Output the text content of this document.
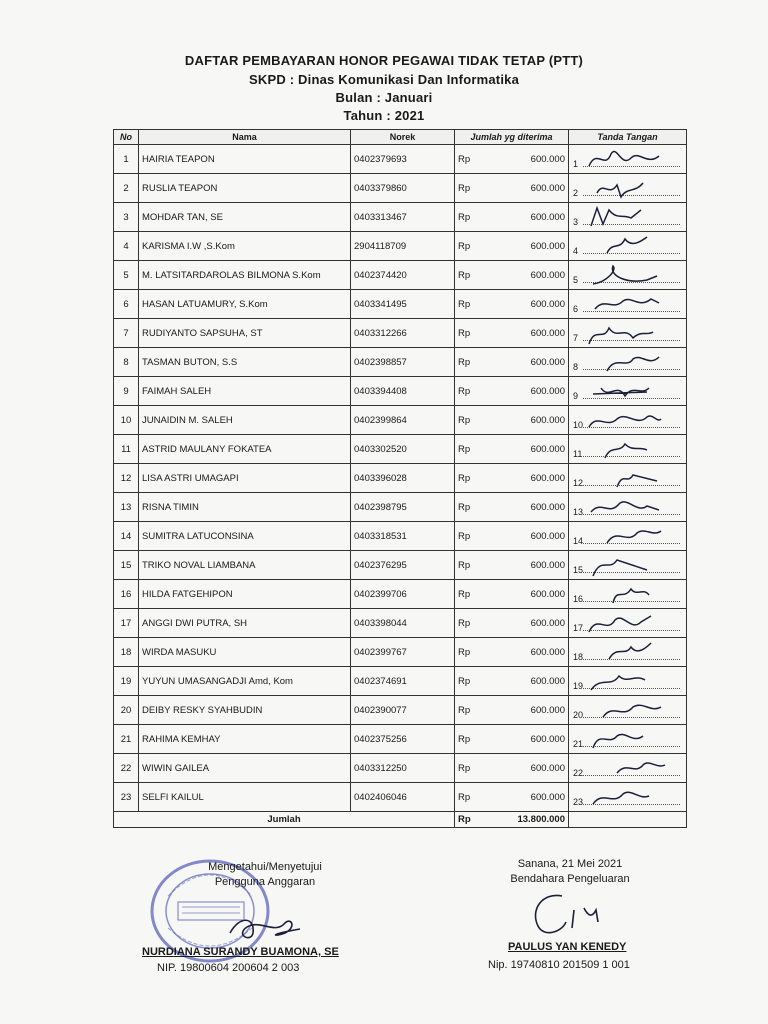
DAFTAR PEMBAYARAN HONOR PEGAWAI TIDAK TETAP (PTT)
SKPD : Dinas Komunikasi Dan Informatika
Bulan : Januari
Tahun : 2021
No	Nama	Norek	Jumlah yg diterima		Tanda Tangan
1	HAIRIA TEAPON	0402379693	Rp	600.000	1

2	RUSLIA TEAPON	0403379860	Rp	600.000	2

3	MOHDAR TAN, SE	0403313467	Rp	600.000	3

4	KARISMA I.W ,S.Kom	2904118709	Rp	600.000	4

5	M. LATSITARDAROLAS BILMONA S.Kom	0402374420	Rp	600.000	5

6	HASAN LATUAMURY, S.Kom	0403341495	Rp	600.000	6

7	RUDIYANTO SAPSUHA, ST	0403312266	Rp	600.000	7

8	TASMAN BUTON, S.S	0402398857	Rp	600.000	8

9	FAIMAH SALEH	0403394408	Rp	600.000	9

10	JUNAIDIN M. SALEH	0402399864	Rp	600.000	10

11	ASTRID MAULANY FOKATEA	0403302520	Rp	600.000	11

12	LISA ASTRI UMAGAPI	0403396028	Rp	600.000	12

13	RISNA TIMIN	0402398795	Rp	600.000	13

14	SUMITRA LATUCONSINA	0403318531	Rp	600.000	14

15	TRIKO NOVAL LIAMBANA	0402376295	Rp	600.000	15

16	HILDA FATGEHIPON	0402399706	Rp	600.000	16

17	ANGGI DWI PUTRA, SH	0403398044	Rp	600.000	17

18	WIRDA MASUKU	0402399767	Rp	600.000	18

19	YUYUN UMASANGADJI Amd, Kom	0402374691	Rp	600.000	19

20	DEIBY RESKY SYAHBUDIN	0402390077	Rp	600.000	20

21	RAHIMA KEMHAY	0402375256	Rp	600.000	21

22	WIWIN GAILEA	0403312250	Rp	600.000	22

23	SELFI KAILUL	0402406046	Rp	600.000	23

Jumlah			Rp	13.800.000	
Mengetahui/Menyetujui
Pengguna Anggaran
NURDIANA SURANDY BUAMONA, SE
NIP. 19800604 200604 2 003
Sanana, 21 Mei 2021
Bendahara Pengeluaran
PAULUS YAN KENEDY
Nip. 19740810 201509 1 001
